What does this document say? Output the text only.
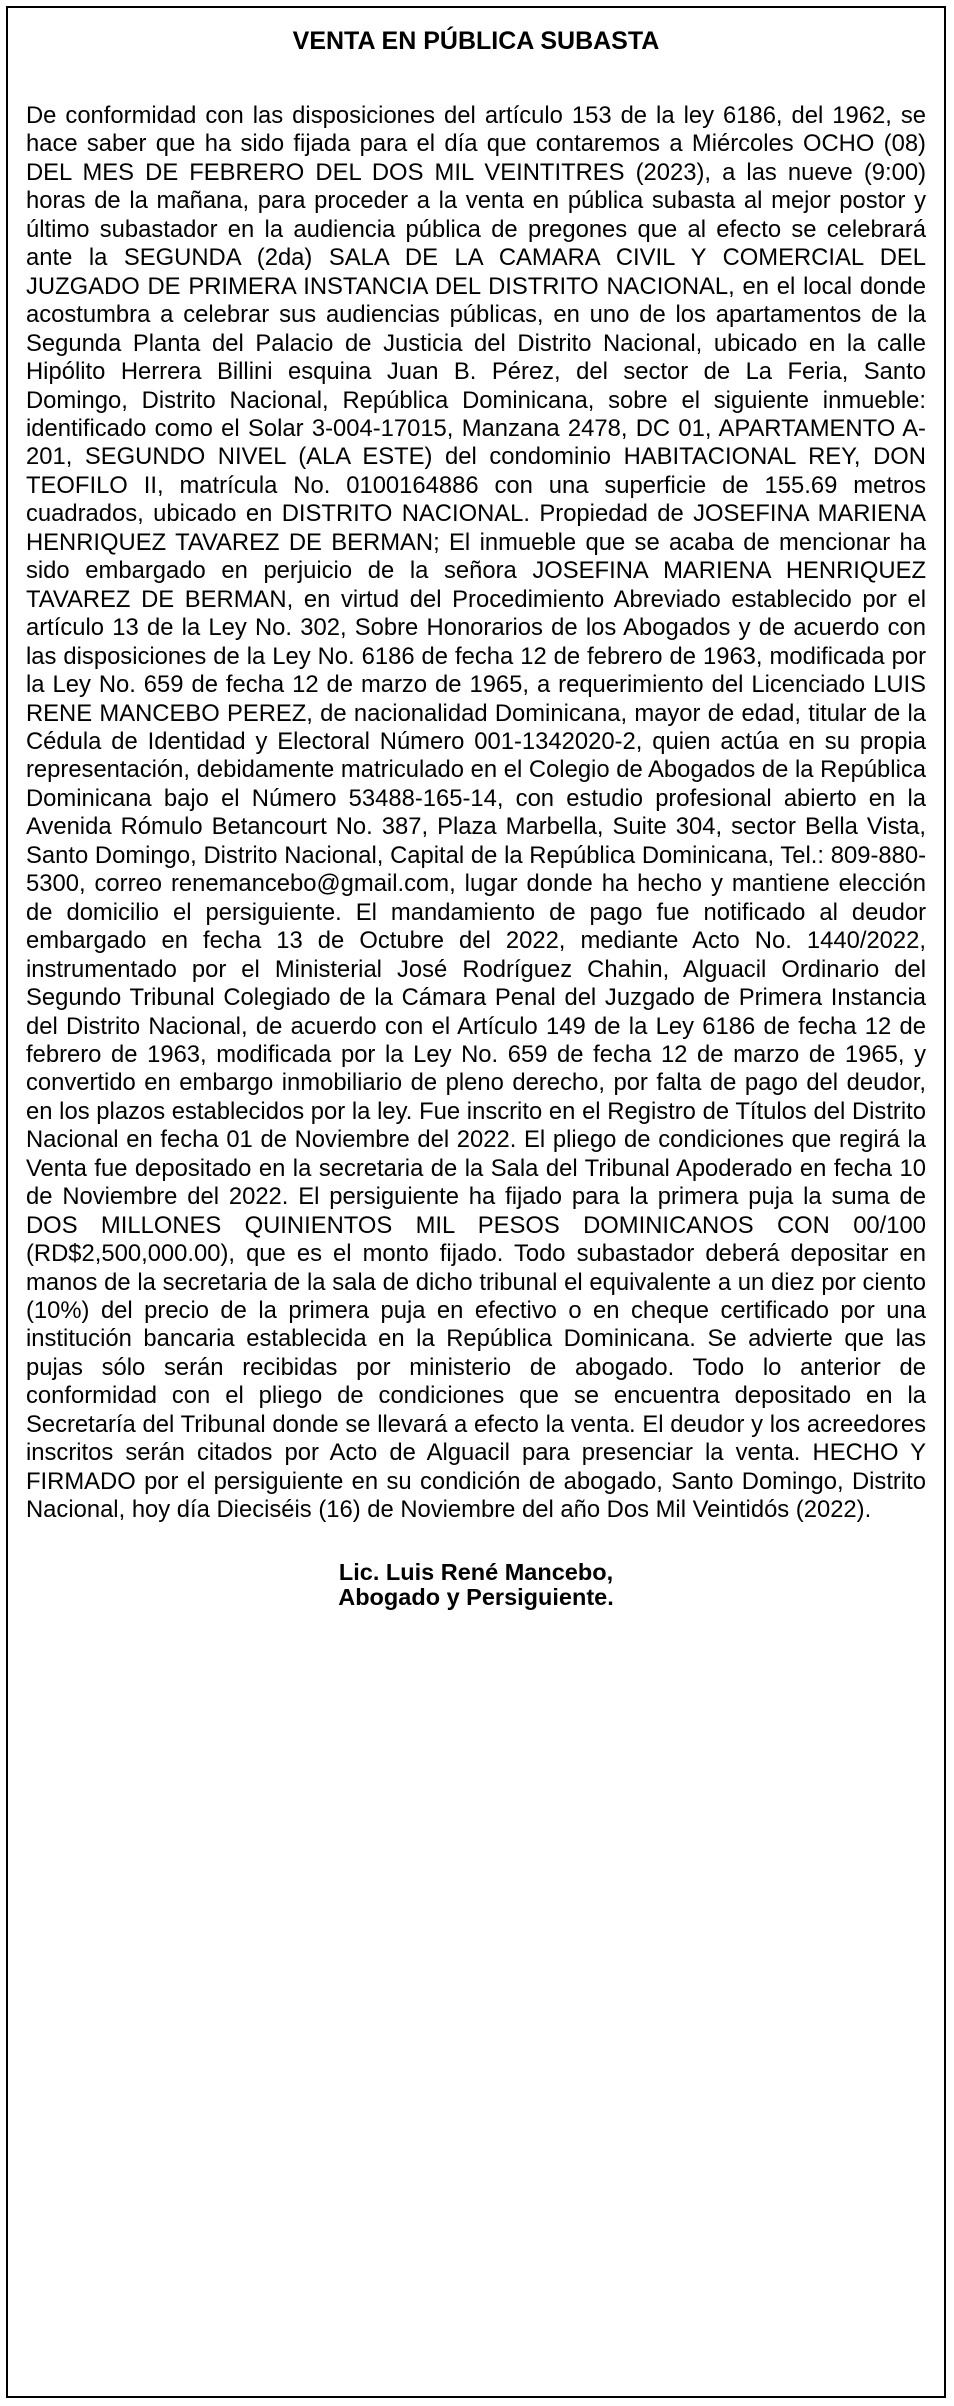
VENTA EN PÚBLICA SUBASTA
De conformidad con las disposiciones del artículo 153 de la ley 6186, del 1962, se hace saber que ha sido fijada para el día que contaremos a Miércoles OCHO (08) DEL MES DE FEBRERO DEL DOS MIL VEINTITRES (2023), a las nueve (9:00) horas de la mañana, para proceder a la venta en pública subasta al mejor postor y último subastador en la audiencia pública de pregones que al efecto se celebrará ante la SEGUNDA (2da) SALA DE LA CAMARA CIVIL Y COMERCIAL DEL JUZGADO DE PRIMERA INSTANCIA DEL DISTRITO NACIONAL, en el local donde acostumbra a celebrar sus audiencias públicas, en uno de los apartamentos de la Segunda Planta del Palacio de Justicia del Distrito Nacional, ubicado en la calle Hipólito Herrera Billini esquina Juan B. Pérez, del sector de La Feria, Santo Domingo, Distrito Nacional, República Dominicana, sobre el siguiente inmueble: identificado como el Solar 3-004-17015, Manzana 2478, DC 01, APARTAMENTO A-201, SEGUNDO NIVEL (ALA ESTE) del condominio HABITACIONAL REY, DON TEOFILO II, matrícula No. 0100164886 con una superficie de 155.69 metros cuadrados, ubicado en DISTRITO NACIONAL. Propiedad de JOSEFINA MARIENA HENRIQUEZ TAVAREZ DE BERMAN; El inmueble que se acaba de mencionar ha sido embargado en perjuicio de la señora JOSEFINA MARIENA HENRIQUEZ TAVAREZ DE BERMAN, en virtud del Procedimiento Abreviado establecido por el artículo 13 de la Ley No. 302, Sobre Honorarios de los Abogados y de acuerdo con las disposiciones de la Ley No. 6186 de fecha 12 de febrero de 1963, modificada por la Ley No. 659 de fecha 12 de marzo de 1965, a requerimiento del Licenciado LUIS RENE MANCEBO PEREZ, de nacionalidad Dominicana, mayor de edad, titular de la Cédula de Identidad y Electoral Número 001-1342020-2, quien actúa en su propia representación, debidamente matriculado en el Colegio de Abogados de la República Dominicana bajo el Número 53488-165-14, con estudio profesional abierto en la Avenida Rómulo Betancourt No. 387, Plaza Marbella, Suite 304, sector Bella Vista, Santo Domingo, Distrito Nacional, Capital de la República Dominicana, Tel.: 809-880-5300, correo renemancebo@gmail.com, lugar donde ha hecho y mantiene elección de domicilio el persiguiente. El mandamiento de pago fue notificado al deudor embargado en fecha 13 de Octubre del 2022, mediante Acto No. 1440/2022, instrumentado por el Ministerial José Rodríguez Chahin, Alguacil Ordinario del Segundo Tribunal Colegiado de la Cámara Penal del Juzgado de Primera Instancia del Distrito Nacional, de acuerdo con el Artículo 149 de la Ley 6186 de fecha 12 de febrero de 1963, modificada por la Ley No. 659 de fecha 12 de marzo de 1965, y convertido en embargo inmobiliario de pleno derecho, por falta de pago del deudor, en los plazos establecidos por la ley. Fue inscrito en el Registro de Títulos del Distrito Nacional en fecha 01 de Noviembre del 2022. El pliego de condiciones que regirá la Venta fue depositado en la secretaria de la Sala del Tribunal Apoderado en fecha 10 de Noviembre del 2022. El persiguiente ha fijado para la primera puja la suma de DOS MILLONES QUINIENTOS MIL PESOS DOMINICANOS CON 00/100 (RD$2,500,000.00), que es el monto fijado. Todo subastador deberá depositar en manos de la secretaria de la sala de dicho tribunal el equivalente a un diez por ciento (10%) del precio de la primera puja en efectivo o en cheque certificado por una institución bancaria establecida en la República Dominicana. Se advierte que las pujas sólo serán recibidas por ministerio de abogado. Todo lo anterior de conformidad con el pliego de condiciones que se encuentra depositado en la Secretaría del Tribunal donde se llevará a efecto la venta. El deudor y los acreedores inscritos serán citados por Acto de Alguacil para presenciar la venta. HECHO Y FIRMADO por el persiguiente en su condición de abogado, Santo Domingo, Distrito Nacional, hoy día Dieciséis (16) de Noviembre del año Dos Mil Veintidós (2022).
Lic. Luis René Mancebo,
Abogado y Persiguiente.
